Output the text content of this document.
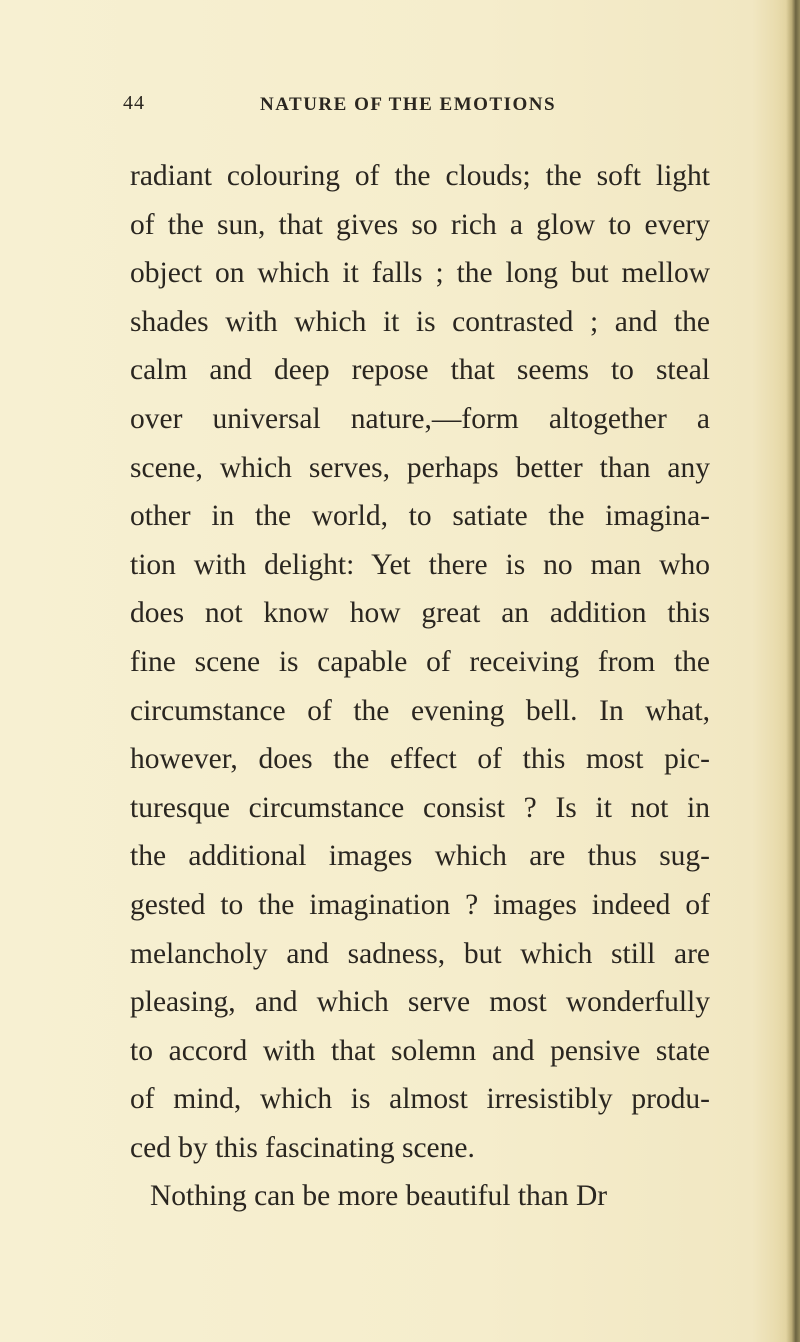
44	NATURE OF THE EMOTIONS
radiant colouring of the clouds; the soft light
of the sun, that gives so rich a glow to every
object on which it falls ; the long but mellow
shades with which it is contrasted ; and the
calm and deep repose that seems to steal
over universal nature,—form altogether a
scene, which serves, perhaps better than any
other in the world, to satiate the imagina-
tion with delight: Yet there is no man who
does not know how great an addition this
fine scene is capable of receiving from the
circumstance of the evening bell. In what,
however, does the effect of this most pic-
turesque circumstance consist ? Is it not in
the additional images which are thus sug-
gested to the imagination ? images indeed of
melancholy and sadness, but which still are
pleasing, and which serve most wonderfully
to accord with that solemn and pensive state
of mind, which is almost irresistibly produ-
ced by this fascinating scene.
Nothing can be more beautiful than Dr
